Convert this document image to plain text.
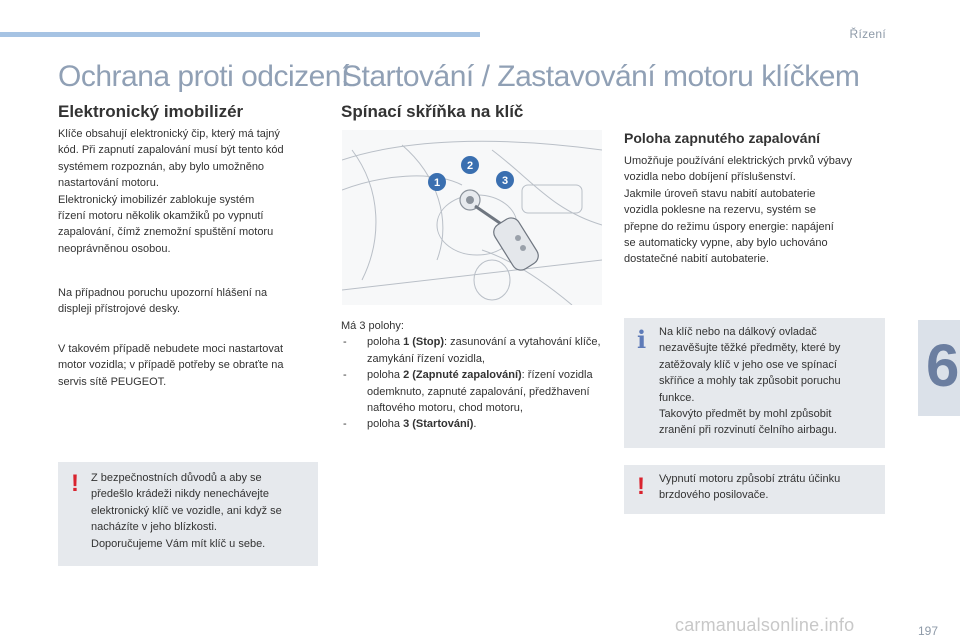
Řízení
6
197
carmanualsonline.info
Ochrana proti odcizení
Elektronický imobilizér

Klíče obsahují elektronický čip, který má tajný
kód. Při zapnutí zapalování musí být tento kód
systémem rozpoznán, aby bylo umožněno
nastartování motoru.
Elektronický imobilizér zablokuje systém
řízení motoru několik okamžiků po vypnutí
zapalování, čímž znemožní spuštění motoru
neoprávněnou osobou.

Na případnou poruchu upozorní hlášení na
displeji přístrojové desky.

V takovém případě nebudete moci nastartovat
motor vozidla; v případě potřeby se obraťte na
servis sítě PEUGEOT.

! Z bezpečnostních důvodů a aby se
předešlo krádeži nikdy nenechávejte
elektronický klíč ve vozidle, ani když se
nacházíte v jeho blízkosti.
Doporučujeme Vám mít klíč u sebe.

Startování / Zastavování motoru klíčkem
Spínací skříňka na klíč
1
2
3

Má 3 polohy:

- poloha 1 (Stop): zasunování a vytahování klíče, zamykání řízení vozidla,

- poloha 2 (Zapnuté zapalování): řízení vozidla odemknuto, zapnuté zapalování, předžhavení naftového motoru, chod motoru,

- poloha 3 (Startování).

Poloha zapnutého zapalování

Umožňuje používání elektrických prvků výbavy
vozidla nebo dobíjení příslušenství.
Jakmile úroveň stavu nabití autobaterie
vozidla poklesne na rezervu, systém se
přepne do režimu úspory energie: napájení
se automaticky vypne, aby bylo uchováno
dostatečné nabití autobaterie.

i Na klíč nebo na dálkový ovladač
nezavěšujte těžké předměty, které by
zatěžovaly klíč v jeho ose ve spínací
skříňce a mohly tak způsobit poruchu
funkce.
Takovýto předmět by mohl způsobit
zranění při rozvinutí čelního airbagu.

! Vypnutí motoru způsobí ztrátu účinku
brzdového posilovače.
